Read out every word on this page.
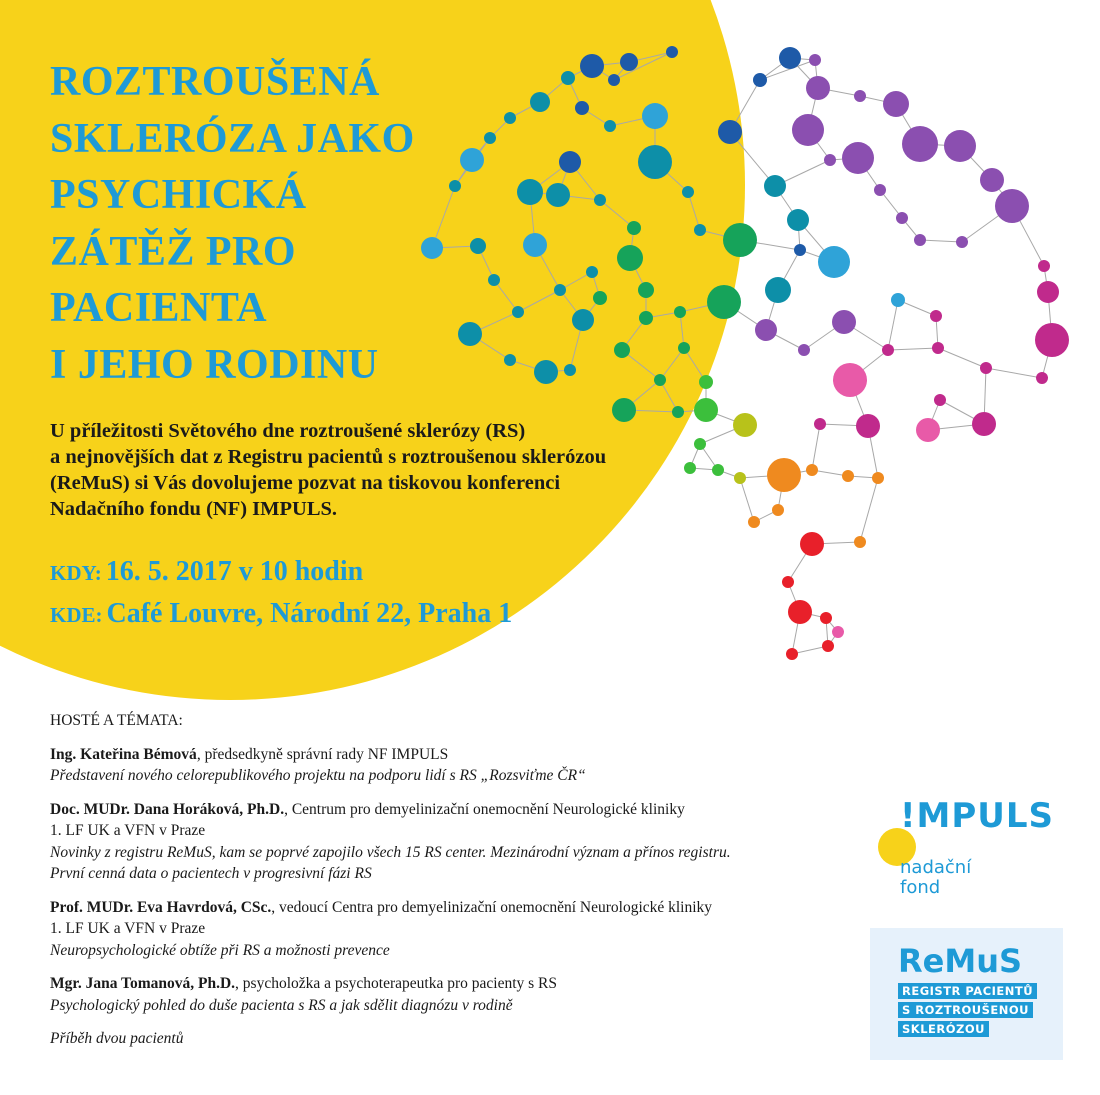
ROZTROUŠENÁ
SKLERÓZA JAKO
PSYCHICKÁ
ZÁTĚŽ PRO
PACIENTA
I JEHO RODINU
U příležitosti Světového dne roztroušené sklerózy (RS)
a nejnovějších dat z Registru pacientů s roztroušenou sklerózou
(ReMuS) si Vás dovolujeme pozvat na tiskovou konferenci
Nadačního fondu (NF) IMPULS.
KDY: 16. 5. 2017 v 10 hodin
KDE: Café Louvre, Národní 22, Praha 1
HOSTÉ A TÉMATA:
Ing. Kateřina Bémová, předsedkyně správní rady NF IMPULS
Představení nového celorepublikového projektu na podporu lidí s RS „Rozsviťme ČR“
Doc. MUDr. Dana Horáková, Ph.D., Centrum pro demyelinizační onemocnění Neurologické kliniky
1. LF UK a VFN v Praze
Novinky z registru ReMuS, kam se poprvé zapojilo všech 15 RS center. Mezinárodní význam a přínos registru.
První cenná data o pacientech v progresivní fázi RS
Prof. MUDr. Eva Havrdová, CSc., vedoucí Centra pro demyelinizační onemocnění Neurologické kliniky
1. LF UK a VFN v Praze
Neuropsychologické obtíže při RS a možnosti prevence
Mgr. Jana Tomanová, Ph.D., psycholožka a psychoterapeutka pro pacienty s RS
Psychologický pohled do duše pacienta s RS a jak sdělit diagnózu v rodině
Příběh dvou pacientů
!MPULS
nadační
fond
ReMuS
REGISTR PACIENTŮ
S ROZTROUŠENOU
SKLERÓZOU
